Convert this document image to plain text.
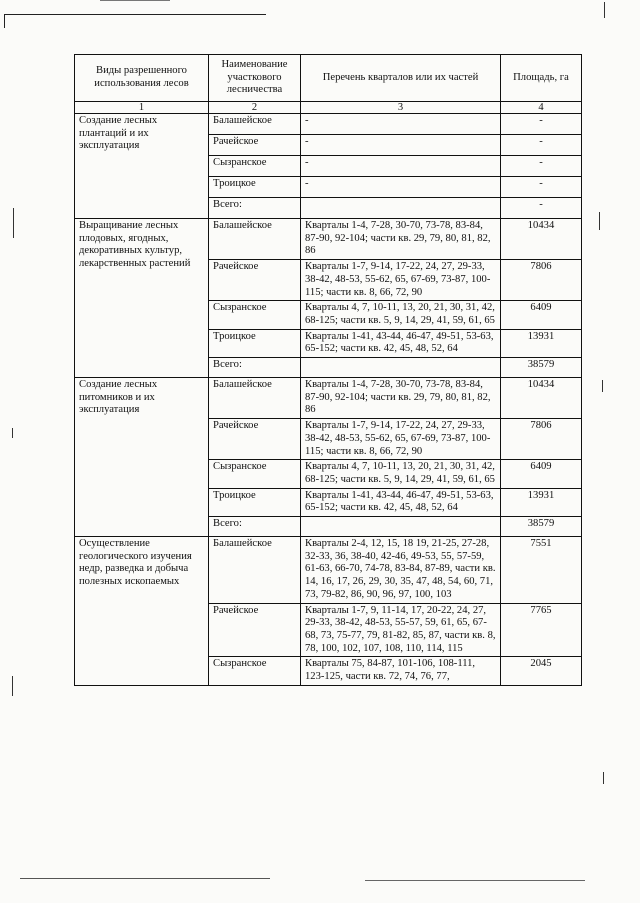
Виды разрешенного использования лесов	Наименование участкового лесничества	Перечень кварталов или их частей	Площадь, га
1	2	3	4
Создание лесных плантаций и их эксплуатация	Балашейское	-	-
	Рачейское	-	-
	Сызранское	-	-
	Троицкое	-	-
	Всего:		-
Выращивание лесных плодовых, ягодных, декоративных культур, лекарственных растений	Балашейское	Кварталы 1-4, 7-28, 30-70, 73-78, 83-84, 87-90, 92-104; части кв. 29, 79, 80, 81, 82, 86	10434
	Рачейское	Кварталы 1-7, 9-14, 17-22, 24, 27, 29-33, 38-42, 48-53, 55-62, 65, 67-69, 73-87, 100-115; части кв. 8, 66, 72, 90	7806
	Сызранское	Кварталы 4, 7, 10-11, 13, 20, 21, 30, 31, 42, 68-125; части кв. 5, 9, 14, 29, 41, 59, 61, 65	6409
	Троицкое	Кварталы 1-41, 43-44, 46-47, 49-51, 53-63, 65-152; части кв. 42, 45, 48, 52, 64	13931
	Всего:		38579
Создание лесных питомников и их эксплуатация	Балашейское	Кварталы 1-4, 7-28, 30-70, 73-78, 83-84, 87-90, 92-104; части кв. 29, 79, 80, 81, 82, 86	10434
	Рачейское	Кварталы 1-7, 9-14, 17-22, 24, 27, 29-33, 38-42, 48-53, 55-62, 65, 67-69, 73-87, 100-115; части кв. 8, 66, 72, 90	7806
	Сызранское	Кварталы 4, 7, 10-11, 13, 20, 21, 30, 31, 42, 68-125; части кв. 5, 9, 14, 29, 41, 59, 61, 65	6409
	Троицкое	Кварталы 1-41, 43-44, 46-47, 49-51, 53-63, 65-152; части кв. 42, 45, 48, 52, 64	13931
	Всего:		38579
Осуществление геологического изучения недр, разведка и добыча полезных ископаемых	Балашейское	Кварталы 2-4, 12, 15, 18 19, 21-25, 27-28, 32-33, 36, 38-40, 42-46, 49-53, 55, 57-59, 61-63, 66-70, 74-78, 83-84, 87-89, части кв. 14, 16, 17, 26, 29, 30, 35, 47, 48, 54, 60, 71, 73, 79-82, 86, 90, 96, 97, 100, 103	7551
	Рачейское	Кварталы 1-7, 9, 11-14, 17, 20-22, 24, 27, 29-33, 38-42, 48-53, 55-57, 59, 61, 65, 67-68, 73, 75-77, 79, 81-82, 85, 87, части кв. 8, 78, 100, 102, 107, 108, 110, 114, 115	7765
	Сызранское	Кварталы 75, 84-87, 101-106, 108-111, 123-125, части кв. 72, 74, 76, 77,	2045
